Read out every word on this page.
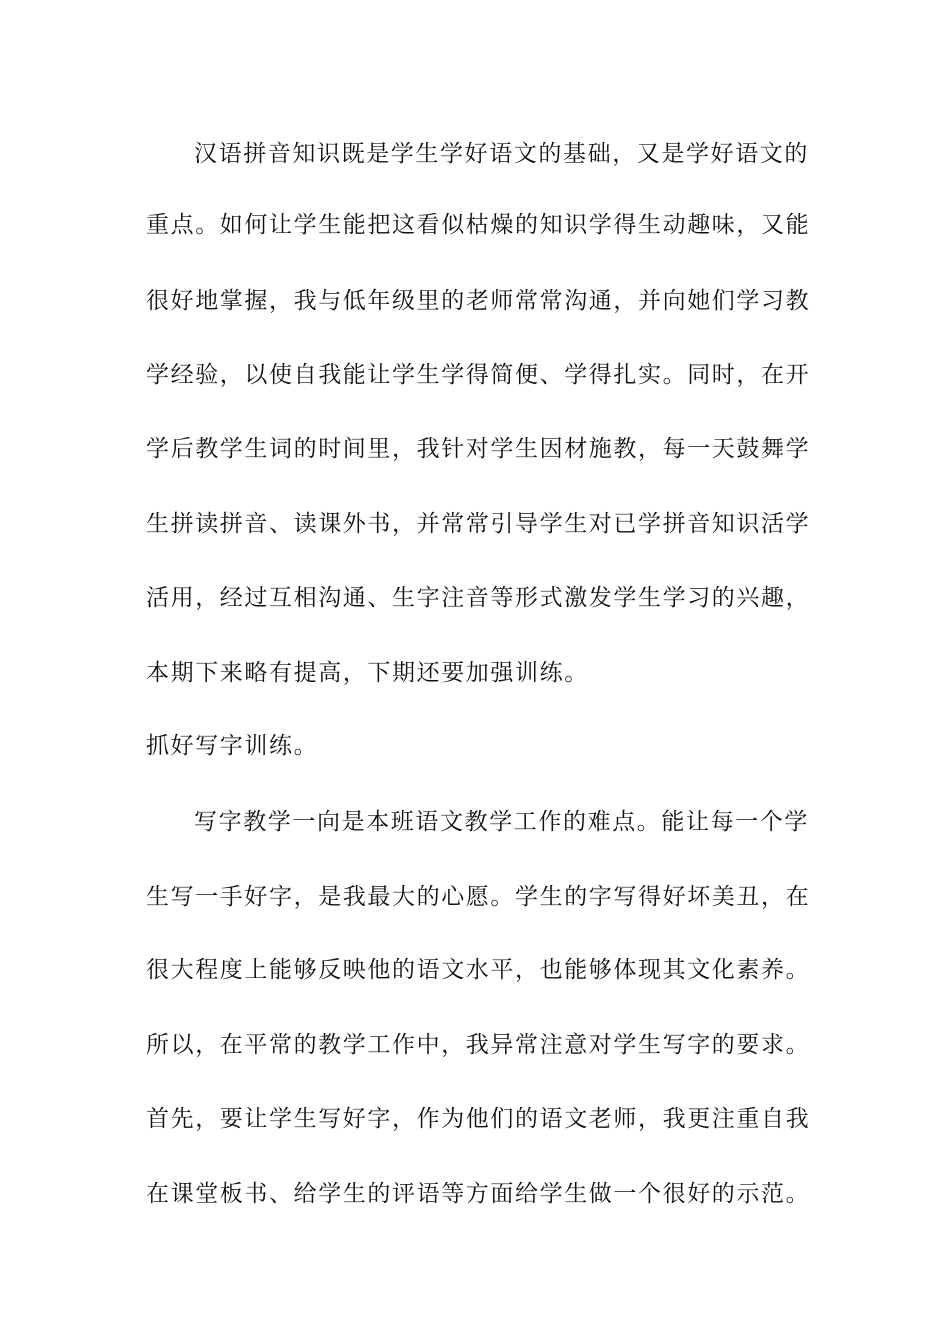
汉语拼音知识既是学生学好语文的基础，又是学好语文的
重点。如何让学生能把这看似枯燥的知识学得生动趣味，又能
很好地掌握，我与低年级里的老师常常沟通，并向她们学习教
学经验，以使自我能让学生学得简便、学得扎实。同时，在开
学后教学生词的时间里，我针对学生因材施教，每一天鼓舞学
生拼读拼音、读课外书，并常常引导学生对已学拼音知识活学
活用，经过互相沟通、生字注音等形式激发学生学习的兴趣，
本期下来略有提高，下期还要加强训练。
抓好写字训练。
写字教学一向是本班语文教学工作的难点。能让每一个学
生写一手好字，是我最大的心愿。学生的字写得好坏美丑，在
很大程度上能够反映他的语文水平，也能够体现其文化素养。
所以，在平常的教学工作中，我异常注意对学生写字的要求。
首先，要让学生写好字，作为他们的语文老师，我更注重自我
在课堂板书、给学生的评语等方面给学生做一个很好的示范。
